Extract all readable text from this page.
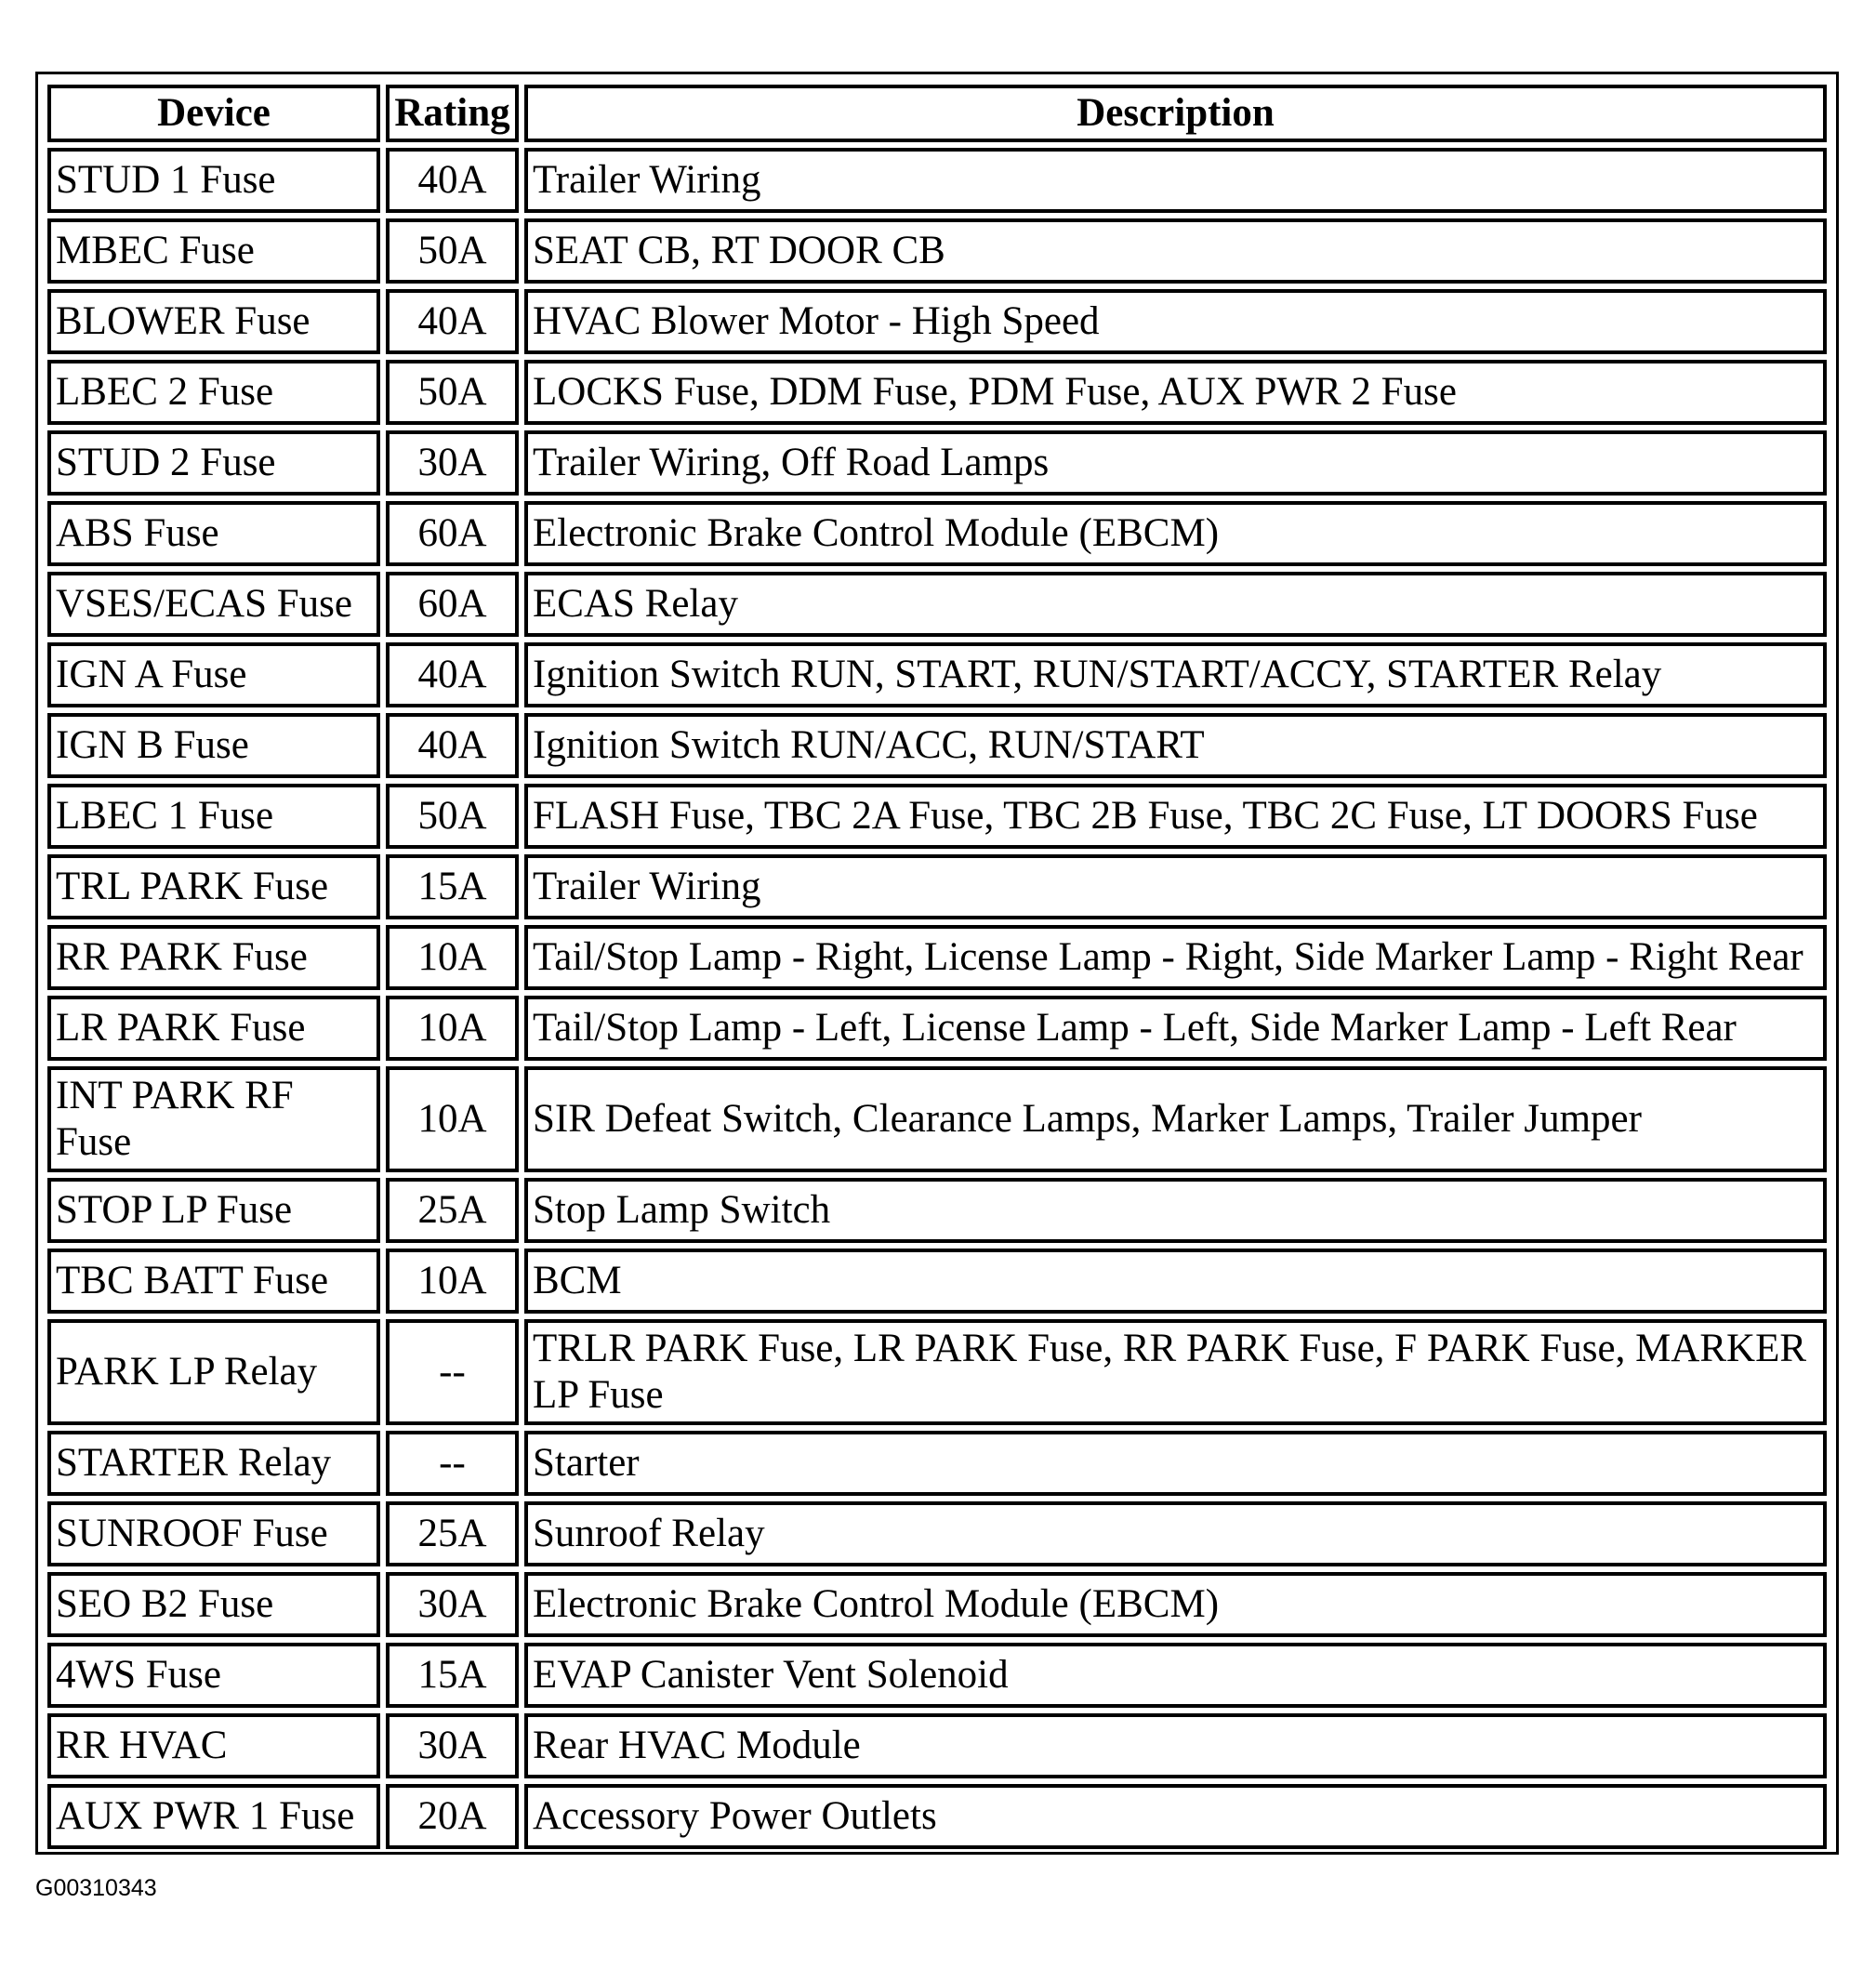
Device	Rating	Description
STUD 1 Fuse	40A	Trailer Wiring
MBEC Fuse	50A	SEAT CB, RT DOOR CB
BLOWER Fuse	40A	HVAC Blower Motor - High Speed
LBEC 2 Fuse	50A	LOCKS Fuse, DDM Fuse, PDM Fuse, AUX PWR 2 Fuse
STUD 2 Fuse	30A	Trailer Wiring, Off Road Lamps
ABS Fuse	60A	Electronic Brake Control Module (EBCM)
VSES/ECAS Fuse	60A	ECAS Relay
IGN A Fuse	40A	Ignition Switch RUN, START, RUN/START/ACCY, STARTER Relay
IGN B Fuse	40A	Ignition Switch RUN/ACC, RUN/START
LBEC 1 Fuse	50A	FLASH Fuse, TBC 2A Fuse, TBC 2B Fuse, TBC 2C Fuse, LT DOORS Fuse
TRL PARK Fuse	15A	Trailer Wiring
RR PARK Fuse	10A	Tail/Stop Lamp - Right, License Lamp - Right, Side Marker Lamp - Right Rear
LR PARK Fuse	10A	Tail/Stop Lamp - Left, License Lamp - Left, Side Marker Lamp - Left Rear
INT PARK RF Fuse	10A	SIR Defeat Switch, Clearance Lamps, Marker Lamps, Trailer Jumper
STOP LP Fuse	25A	Stop Lamp Switch
TBC BATT Fuse	10A	BCM
PARK LP Relay	--	TRLR PARK Fuse, LR PARK Fuse, RR PARK Fuse, F PARK Fuse, MARKER LP Fuse
STARTER Relay	--	Starter
SUNROOF Fuse	25A	Sunroof Relay
SEO B2 Fuse	30A	Electronic Brake Control Module (EBCM)
4WS Fuse	15A	EVAP Canister Vent Solenoid
RR HVAC	30A	Rear HVAC Module
AUX PWR 1 Fuse	20A	Accessory Power Outlets
G00310343
